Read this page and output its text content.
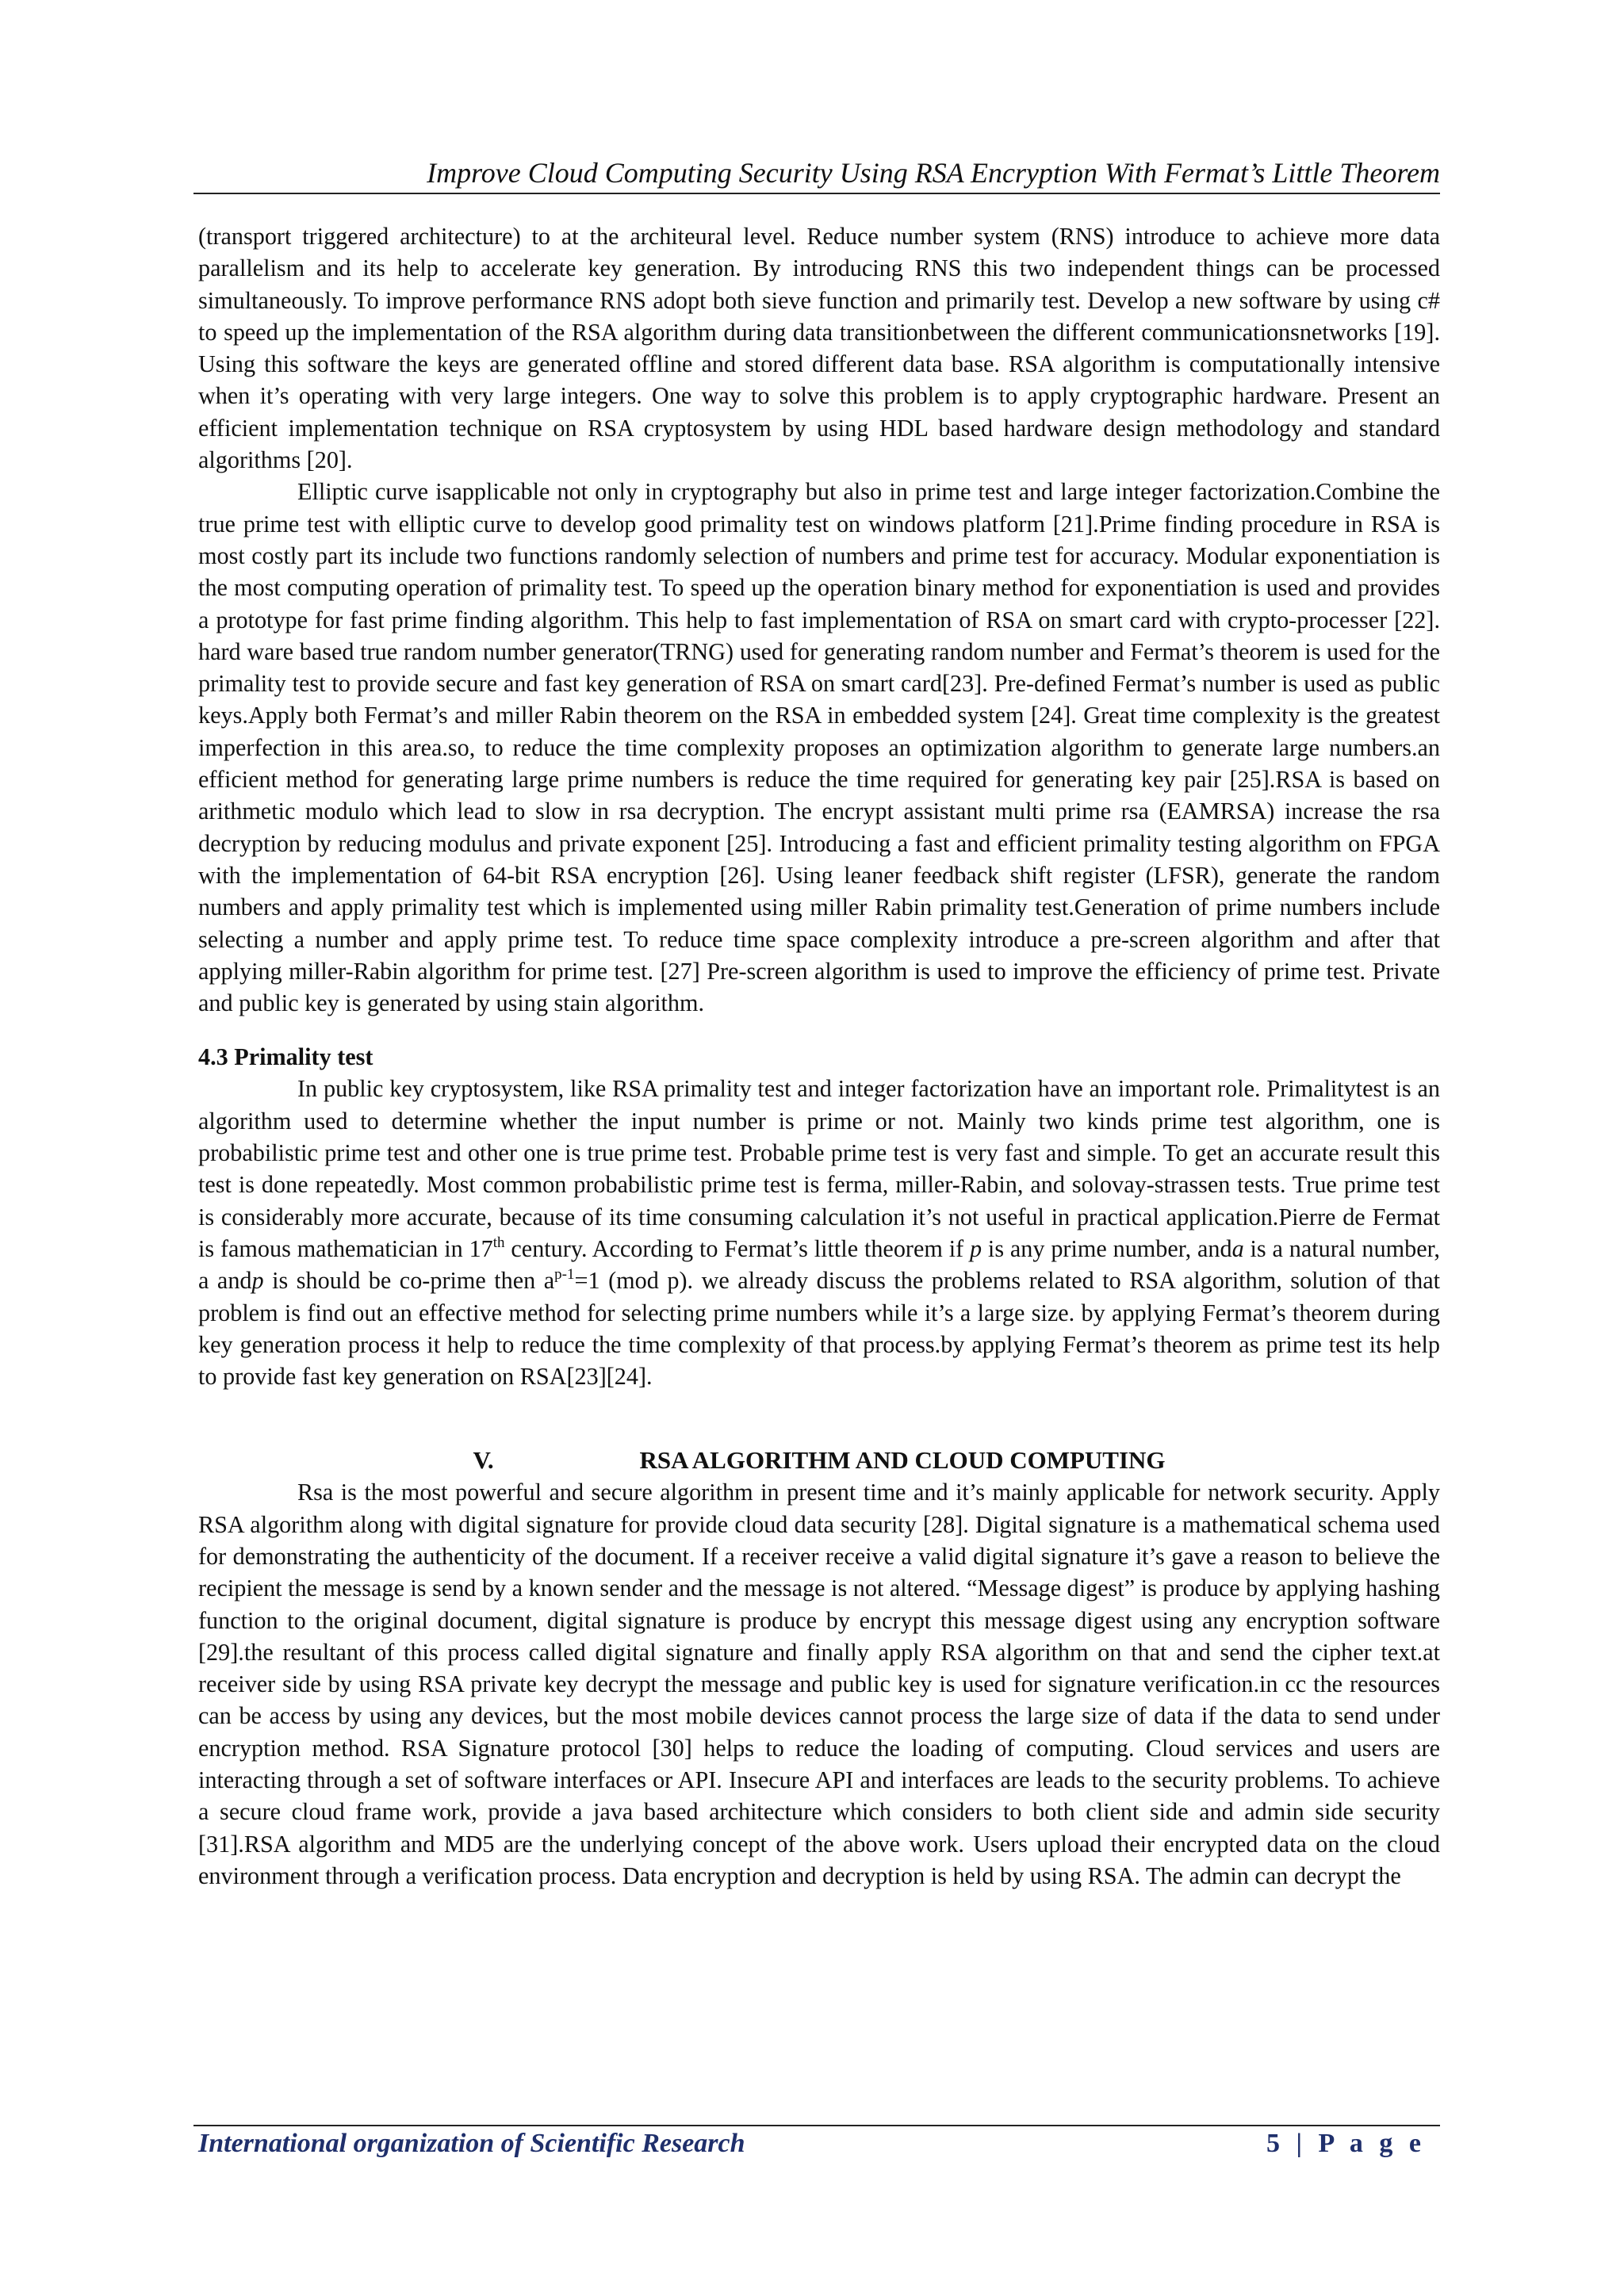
Improve Cloud Computing Security Using RSA Encryption With Fermat’s Little Theorem

(transport triggered architecture) to at the architeural level. Reduce number system (RNS) introduce to achieve more data parallelism and its help to accelerate key generation. By introducing RNS this two independent things can be processed simultaneously. To improve performance RNS adopt both sieve function and primarily test. Develop a new software by using c# to speed up the implementation of the RSA algorithm during data transitionbetween the different communicationsnetworks [19]. Using this software the keys are generated offline and stored different data base. RSA algorithm is computationally intensive when it’s operating with very large integers. One way to solve this problem is to apply cryptographic hardware. Present an efficient implementation technique on RSA cryptosystem by using HDL based hardware design methodology and standard algorithms [20].

Elliptic curve isapplicable not only in cryptography but also in prime test and large integer factorization.Combine the true prime test with elliptic curve to develop good primality test on windows platform [21].Prime finding procedure in RSA is most costly part its include two functions randomly selection of numbers and prime test for accuracy. Modular exponentiation is the most computing operation of primality test. To speed up the operation binary method for exponentiation is used and provides a prototype for fast prime finding algorithm. This help to fast implementation of RSA on smart card with crypto-processer [22]. hard ware based true random number generator(TRNG) used for generating random number and Fermat’s theorem is used for the primality test to provide secure and fast key generation of RSA on smart card[23]. Pre-defined Fermat’s number is used as public keys.Apply both Fermat’s and miller Rabin theorem on the RSA in embedded system [24]. Great time complexity is the greatest imperfection in this area.so, to reduce the time complexity proposes an optimization algorithm to generate large numbers.an efficient method for generating large prime numbers is reduce the time required for generating key pair [25].RSA is based on arithmetic modulo which lead to slow in rsa decryption. The encrypt assistant multi prime rsa (EAMRSA) increase the rsa decryption by reducing modulus and private exponent [25]. Introducing a fast and efficient primality testing algorithm on FPGA with the implementation of 64-bit RSA encryption [26]. Using leaner feedback shift register (LFSR), generate the random numbers and apply primality test which is implemented using miller Rabin primality test.Generation of prime numbers include selecting a number and apply prime test. To reduce time space complexity introduce a pre-screen algorithm and after that applying miller-Rabin algorithm for prime test. [27] Pre-screen algorithm is used to improve the efficiency of prime test. Private and public key is generated by using stain algorithm.

4.3 Primality test

In public key cryptosystem, like RSA primality test and integer factorization have an important role. Primalitytest is an algorithm used to determine whether the input number is prime or not. Mainly two kinds prime test algorithm, one is probabilistic prime test and other one is true prime test. Probable prime test is very fast and simple. To get an accurate result this test is done repeatedly. Most common probabilistic prime test is ferma, miller-Rabin, and solovay-strassen tests. True prime test is considerably more accurate, because of its time consuming calculation it’s not useful in practical application.Pierre de Fermat is famous mathematician in 17th century. According to Fermat’s little theorem if p is any prime number, anda is a natural number, a andp is should be co-prime then $a^{p-1}=1$ (mod p). we already discuss the problems related to RSA algorithm, solution of that problem is find out an effective method for selecting prime numbers while it’s a large size. by applying Fermat’s theorem during key generation process it help to reduce the time complexity of that process.by applying Fermat’s theorem as prime test its help to provide fast key generation on RSA[23][24].

V.	RSA ALGORITHM AND CLOUD COMPUTING

Rsa is the most powerful and secure algorithm in present time and it’s mainly applicable for network security. Apply RSA algorithm along with digital signature for provide cloud data security [28]. Digital signature is a mathematical schema used for demonstrating the authenticity of the document. If a receiver receive a valid digital signature it’s gave a reason to believe the recipient the message is send by a known sender and the message is not altered. “Message digest” is produce by applying hashing function to the original document, digital signature is produce by encrypt this message digest using any encryption software [29].the resultant of this process called digital signature and finally apply RSA algorithm on that and send the cipher text.at receiver side by using RSA private key decrypt the message and public key is used for signature verification.in cc the resources can be access by using any devices, but the most mobile devices cannot process the large size of data if the data to send under encryption method. RSA Signature protocol [30] helps to reduce the loading of computing. Cloud services and users are interacting through a set of software interfaces or API. Insecure API and interfaces are leads to the security problems. To achieve a secure cloud frame work, provide a java based architecture which considers to both client side and admin side security [31].RSA algorithm and MD5 are the underlying concept of the above work. Users upload their encrypted data on the cloud environment through a verification process. Data encryption and decryption is held by using RSA. The admin can decrypt the

International organization of Scientific Research	5 | P a g e
